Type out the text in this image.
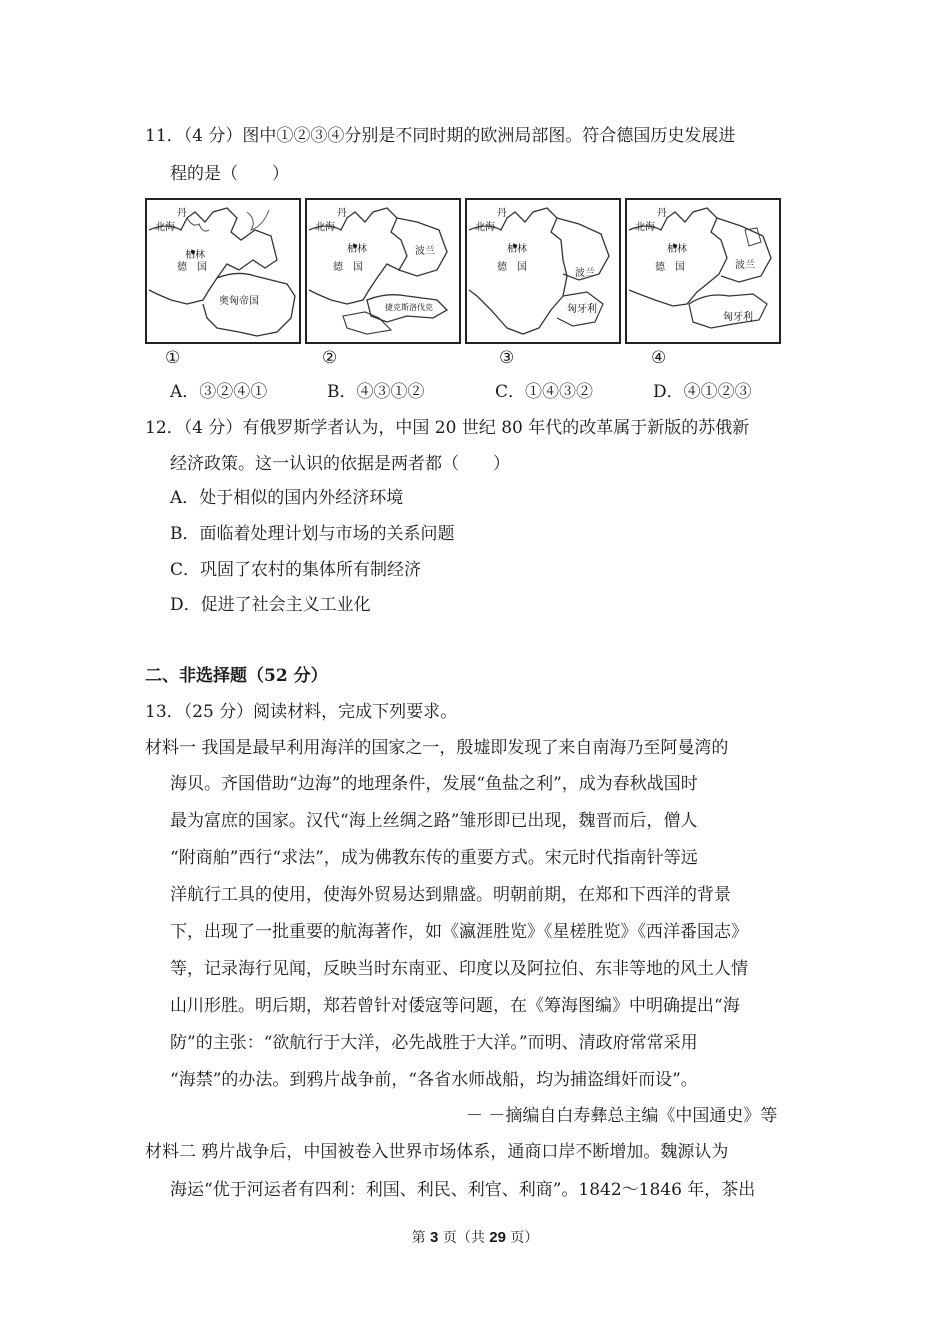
11．（4 分）图中①②③④分别是不同时期的欧洲局部图。符合德国历史发展进
程的是（　　）
丹
北海
柏林
德　国
奥匈帝国
丹
北海
柏林
德　国
波兰
捷克斯洛伐克
丹
北海
柏林
德　国
波兰
匈牙利
丹
北海
柏林
德　国	波兰
匈牙利
①	②	③	④
A．③②④①	B．④③①②	C．①④③②	D．④①②③
12．（4 分）有俄罗斯学者认为，中国 20 世纪 80 年代的改革属于新版的苏俄新
经济政策。这一认识的依据是两者都（　　）
A．处于相似的国内外经济环境
B．面临着处理计划与市场的关系问题
C．巩固了农村的集体所有制经济
D．促进了社会主义工业化
二、非选择题（52 分）
13．（25 分）阅读材料，完成下列要求。
材料一 我国是最早利用海洋的国家之一，殷墟即发现了来自南海乃至阿曼湾的
海贝。齐国借助“边海”的地理条件，发展“鱼盐之利”，成为春秋战国时
最为富庶的国家。汉代“海上丝绸之路”雏形即已出现，魏晋而后，僧人
“附商舶”西行“求法”，成为佛教东传的重要方式。宋元时代指南针等远
洋航行工具的使用，使海外贸易达到鼎盛。明朝前期，在郑和下西洋的背景
下，出现了一批重要的航海著作，如《瀛涯胜览》《星槎胜览》《西洋番国志》
等，记录海行见闻，反映当时东南亚、印度以及阿拉伯、东非等地的风土人情
山川形胜。明后期，郑若曾针对倭寇等问题，在《筹海图编》中明确提出“海
防”的主张：“欲航行于大洋，必先战胜于大洋。”而明、清政府常常采用
“海禁”的办法。到鸦片战争前，“各省水师战船，均为捕盗缉奸而设”。
－ －摘编自白寿彝总主编《中国通史》等
材料二 鸦片战争后，中国被卷入世界市场体系，通商口岸不断增加。魏源认为
海运“优于河运者有四利：利国、利民、利官、利商”。1842～1846 年，茶出
第 3 页（共 29 页）
